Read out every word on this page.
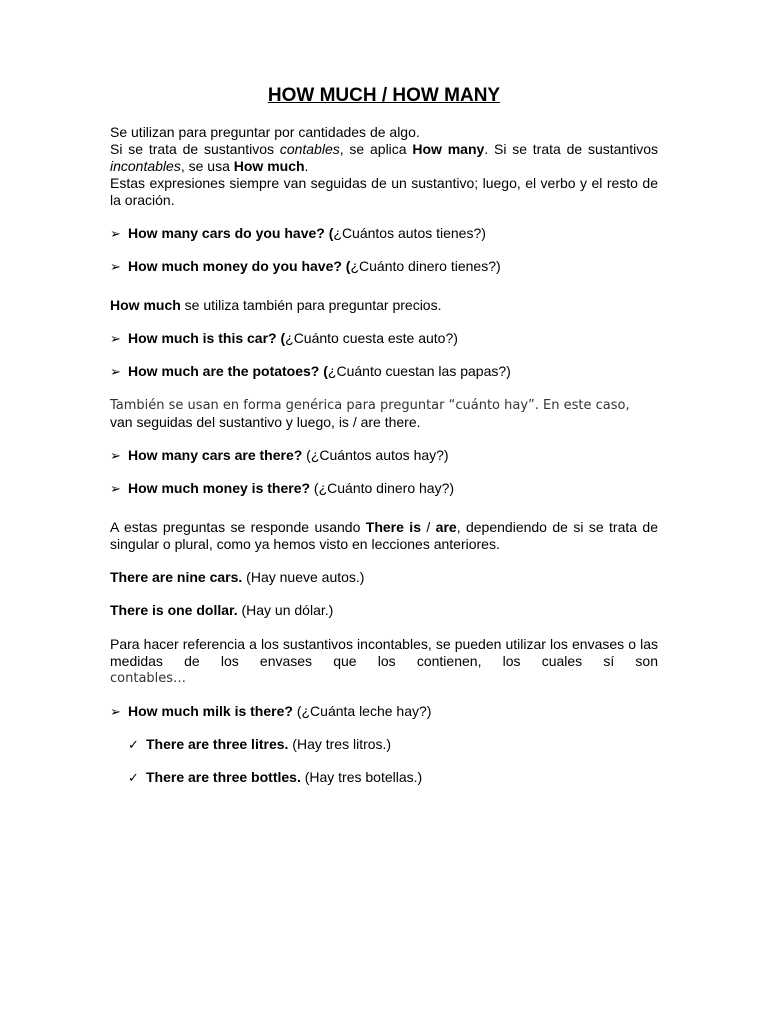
HOW MUCH / HOW MANY

Se utilizan para preguntar por cantidades de algo.

Si se trata de sustantivos contables, se aplica How many. Si se trata de sustantivos incontables, se usa How much.

Estas expresiones siempre van seguidas de un sustantivo; luego, el verbo y el resto de la oración.

➢ How many cars do you have? (¿Cuántos autos tienes?)
➢ How much money do you have? (¿Cuánto dinero tienes?)

How much se utiliza también para preguntar precios.

➢ How much is this car? (¿Cuánto cuesta este auto?)
➢ How much are the potatoes? (¿Cuánto cuestan las papas?)

También se usan en forma genérica para preguntar “cuánto hay”. En este caso,

van seguidas del sustantivo y luego, is / are there.

➢ How many cars are there? (¿Cuántos autos hay?)
➢ How much money is there? (¿Cuánto dinero hay?)

A estas preguntas se responde usando There is / are, dependiendo de si se trata de singular o plural, como ya hemos visto en lecciones anteriores.

There are nine cars. (Hay nueve autos.)

There is one dollar. (Hay un dólar.)

Para hacer referencia a los sustantivos incontables, se pueden utilizar los envases o las medidas de los envases que los contienen, los cuales sí son

contables…

➢ How much milk is there? (¿Cuánta leche hay?)
✓ There are three litres. (Hay tres litros.)
✓ There are three bottles. (Hay tres botellas.)
